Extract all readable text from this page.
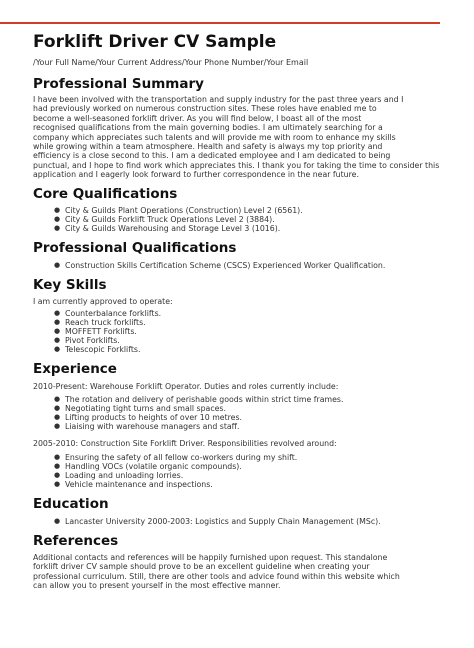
Forklift Driver CV Sample
/Your Full Name/Your Current Address/Your Phone Number/Your Email
Professional Summary
I have been involved with the transportation and supply industry for the past three years and I
had previously worked on numerous construction sites. These roles have enabled me to
become a well-seasoned forklift driver. As you will find below, I boast all of the most
recognised qualifications from the main governing bodies. I am ultimately searching for a
company which appreciates such talents and will provide me with room to enhance my skills
while growing within a team atmosphere. Health and safety is always my top priority and
efficiency is a close second to this. I am a dedicated employee and I am dedicated to being
punctual, and I hope to find work which appreciates this. I thank you for taking the time to consider this
application and I eagerly look forward to further correspondence in the near future.
Core Qualifications
● City & Guilds Plant Operations (Construction) Level 2 (6561).
● City & Guilds Forklift Truck Operations Level 2 (3884).
● City & Guilds Warehousing and Storage Level 3 (1016).
Professional Qualifications
● Construction Skills Certification Scheme (CSCS) Experienced Worker Qualification.
Key Skills
I am currently approved to operate:
● Counterbalance forklifts.
● Reach truck forklifts.
● MOFFETT Forklifts.
● Pivot Forklifts.
● Telescopic Forklifts.
Experience
2010-Present: Warehouse Forklift Operator. Duties and roles currently include:
● The rotation and delivery of perishable goods within strict time frames.
● Negotiating tight turns and small spaces.
● Lifting products to heights of over 10 metres.
● Liaising with warehouse managers and staff.
2005-2010: Construction Site Forklift Driver. Responsibilities revolved around:
● Ensuring the safety of all fellow co-workers during my shift.
● Handling VOCs (volatile organic compounds).
● Loading and unloading lorries.
● Vehicle maintenance and inspections.
Education
● Lancaster University 2000-2003: Logistics and Supply Chain Management (MSc).
References
Additional contacts and references will be happily furnished upon request. This standalone
forklift driver CV sample should prove to be an excellent guideline when creating your
professional curriculum. Still, there are other tools and advice found within this website which
can allow you to present yourself in the most effective manner.
